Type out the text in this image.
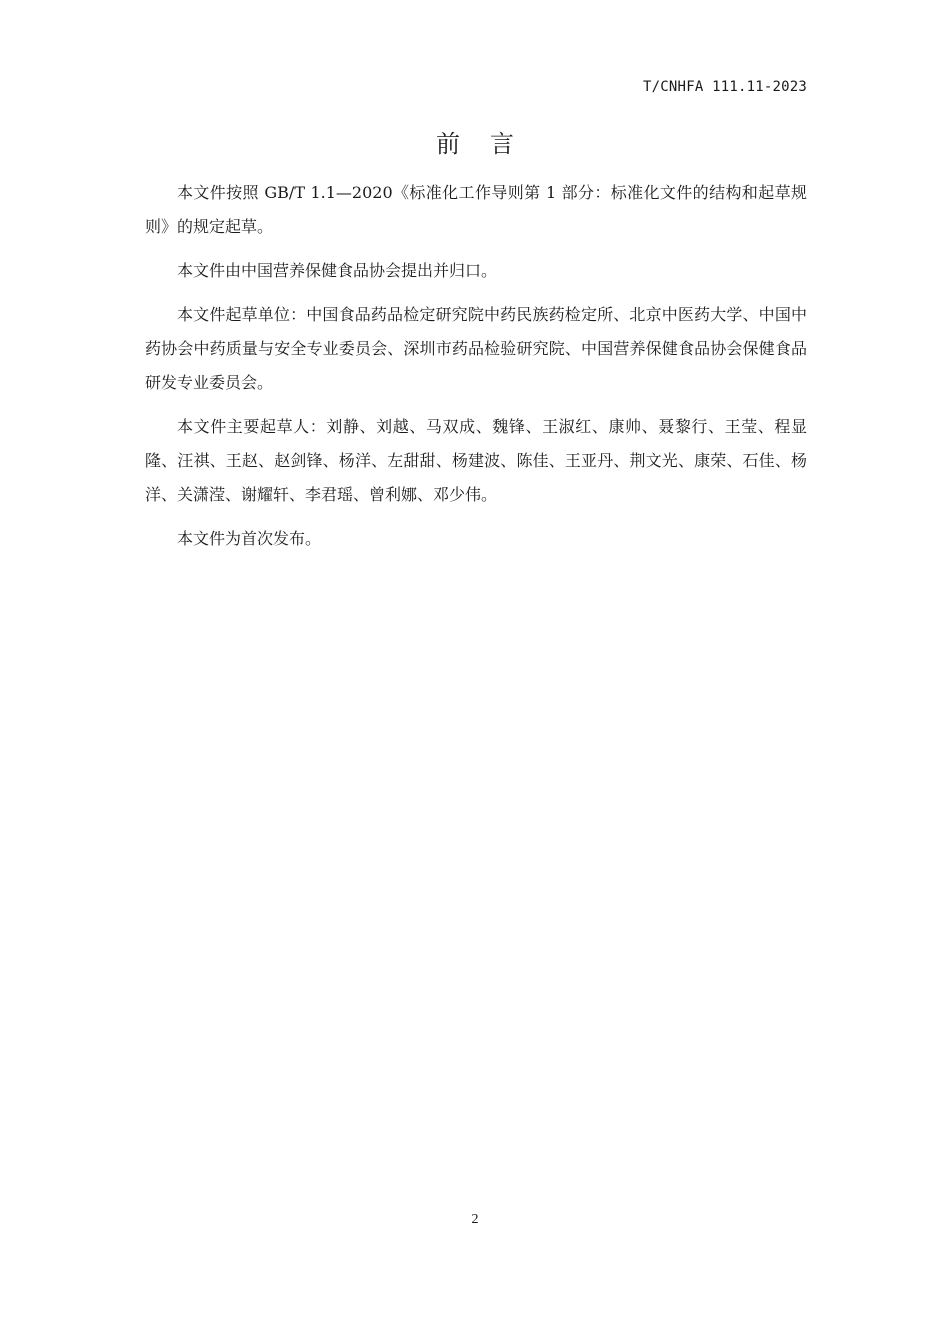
T/CNHFA 111.11-2023
前言

本文件按照 GB/T 1.1—2020《标准化工作导则第 1 部分：标准化文件的结构和起草规则》的规定起草。

本文件由中国营养保健食品协会提出并归口。

本文件起草单位：中国食品药品检定研究院中药民族药检定所、北京中医药大学、中国中药协会中药质量与安全专业委员会、深圳市药品检验研究院、中国营养保健食品协会保健食品研发专业委员会。

本文件主要起草人：刘静、刘越、马双成、魏锋、王淑红、康帅、聂黎行、王莹、程显隆、汪祺、王赵、赵剑锋、杨洋、左甜甜、杨建波、陈佳、王亚丹、荆文光、康荣、石佳、杨洋、关潇滢、谢耀轩、李君瑶、曾利娜、邓少伟。

本文件为首次发布。

2
